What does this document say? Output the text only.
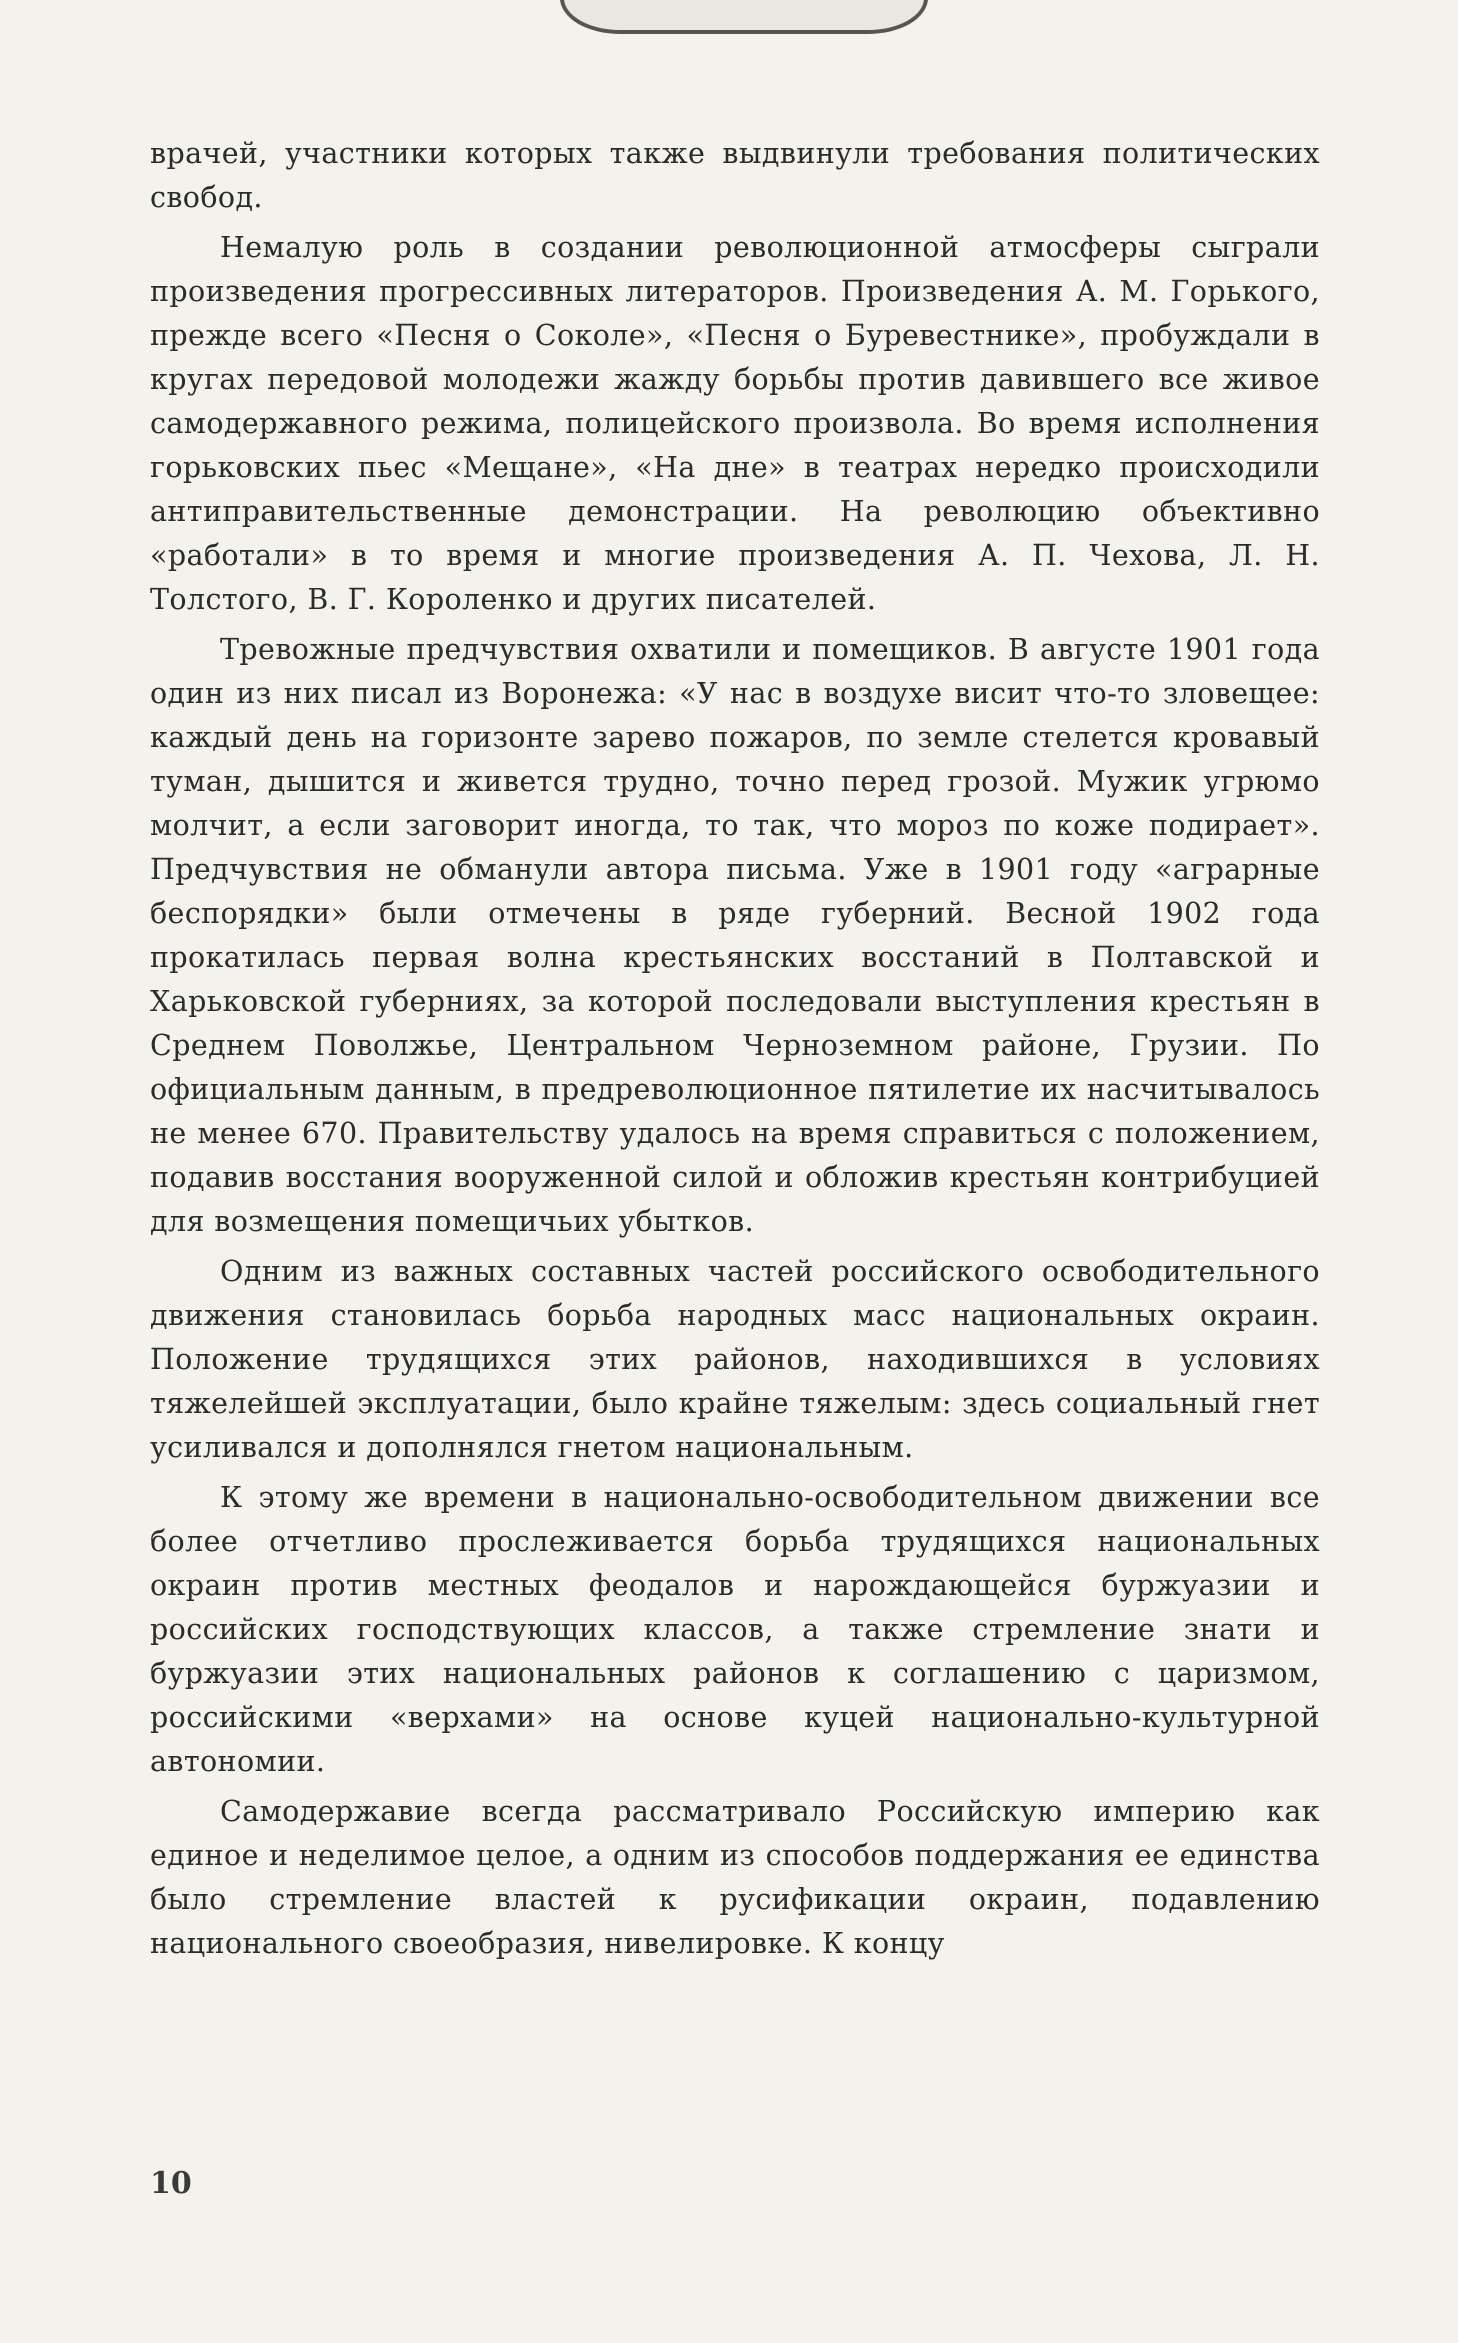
врачей, участники которых также выдвинули требования политических свобод.

Немалую роль в создании революционной атмосферы сыграли произведения прогрессивных литераторов. Произведения А. М. Горького, прежде всего «Песня о Соколе», «Песня о Буревестнике», пробуждали в кругах передовой молодежи жажду борьбы против давившего все живое самодержавного режима, полицейского произвола. Во время исполнения горьковских пьес «Мещане», «На дне» в театрах нередко происходили антиправительственные демонстрации. На революцию объективно «работали» в то время и многие произведения А. П. Чехова, Л. Н. Толстого, В. Г. Короленко и других писателей.

Тревожные предчувствия охватили и помещиков. В августе 1901 года один из них писал из Воронежа: «У нас в воздухе висит что-то зловещее: каждый день на горизонте зарево пожаров, по земле стелется кровавый туман, дышится и живется трудно, точно перед грозой. Мужик угрюмо молчит, а если заговорит иногда, то так, что мороз по коже подирает». Предчувствия не обманули автора письма. Уже в 1901 году «аграрные беспорядки» были отмечены в ряде губерний. Весной 1902 года прокатилась первая волна крестьянских восстаний в Полтавской и Харьковской губерниях, за которой последовали выступления крестьян в Среднем Поволжье, Центральном Черноземном районе, Грузии. По официальным данным, в предреволюционное пятилетие их насчитывалось не менее 670. Правительству удалось на время справиться с положением, подавив восстания вооруженной силой и обложив крестьян контрибуцией для возмещения помещичьих убытков.

Одним из важных составных частей российского освободительного движения становилась борьба народных масс национальных окраин. Положение трудящихся этих районов, находившихся в условиях тяжелейшей эксплуатации, было крайне тяжелым: здесь социальный гнет усиливался и дополнялся гнетом национальным.

К этому же времени в национально-освободительном движении все более отчетливо прослеживается борьба трудящихся национальных окраин против местных феодалов и нарождающейся буржуазии и российских господствующих классов, а также стремление знати и буржуазии этих национальных районов к соглашению с царизмом, российскими «верхами» на основе куцей национально-культурной автономии.

Самодержавие всегда рассматривало Российскую империю как единое и неделимое целое, а одним из способов поддержания ее единства было стремление властей к русификации окраин, подавлению национального своеобразия, нивелировке. К концу

10
